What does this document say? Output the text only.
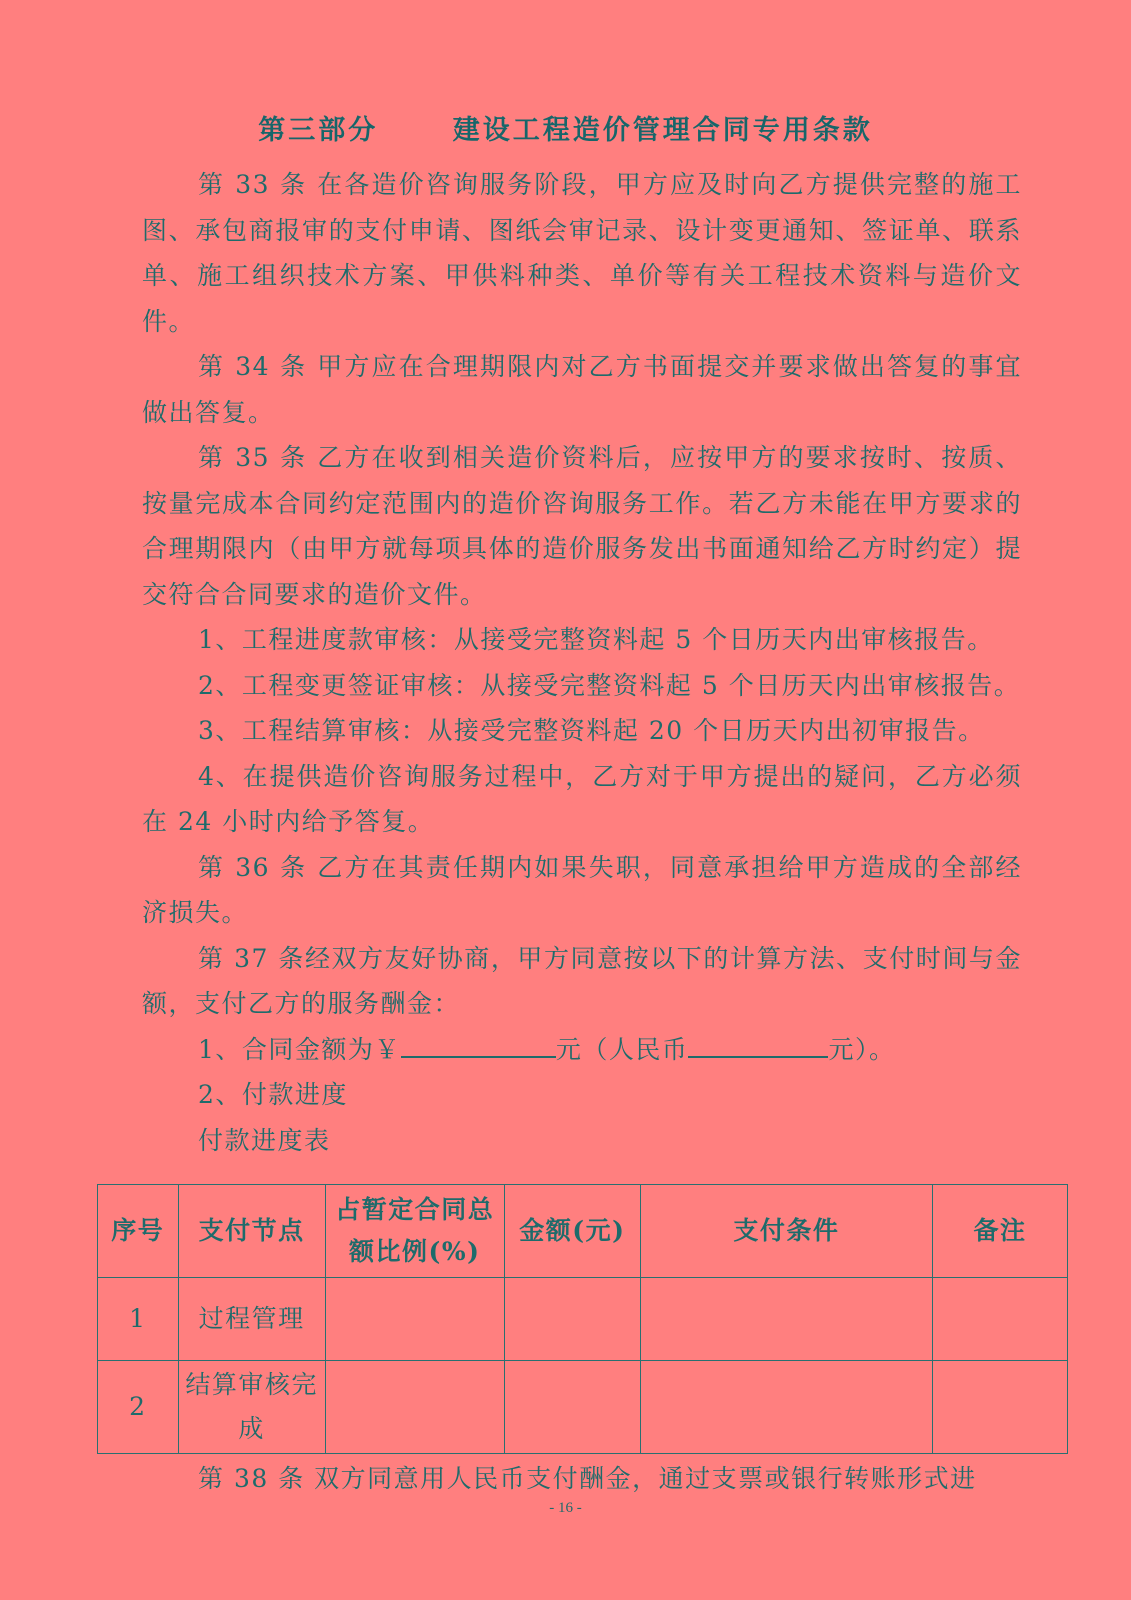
第三部分      建设工程造价管理合同专用条款

第 33 条 在各造价咨询服务阶段，甲方应及时向乙方提供完整的施工图、承包商报审的支付申请、图纸会审记录、设计变更通知、签证单、联系单、施工组织技术方案、甲供料种类、单价等有关工程技术资料与造价文件。

第 34 条 甲方应在合理期限内对乙方书面提交并要求做出答复的事宜做出答复。

第 35 条 乙方在收到相关造价资料后，应按甲方的要求按时、按质、按量完成本合同约定范围内的造价咨询服务工作。若乙方未能在甲方要求的合理期限内（由甲方就每项具体的造价服务发出书面通知给乙方时约定）提交符合合同要求的造价文件。

1、工程进度款审核：从接受完整资料起 5 个日历天内出审核报告。

2、工程变更签证审核：从接受完整资料起 5 个日历天内出审核报告。

3、工程结算审核：从接受完整资料起 20 个日历天内出初审报告。

4、在提供造价咨询服务过程中，乙方对于甲方提出的疑问，乙方必须在 24 小时内给予答复。

第 36 条 乙方在其责任期内如果失职，同意承担给甲方造成的全部经济损失。

第 37 条经双方友好协商，甲方同意按以下的计算方法、支付时间与金额，支付乙方的服务酬金：

1、合同金额为￥	元（人民币	元）。

2、付款进度

付款进度表

序号	支付节点	占暂定合同总额比例(%)	金额(元)	支付条件	备注
1	过程管理				
2	结算审核完成				
第 38 条 双方同意用人民币支付酬金，通过支票或银行转账形式进
- 16 -
